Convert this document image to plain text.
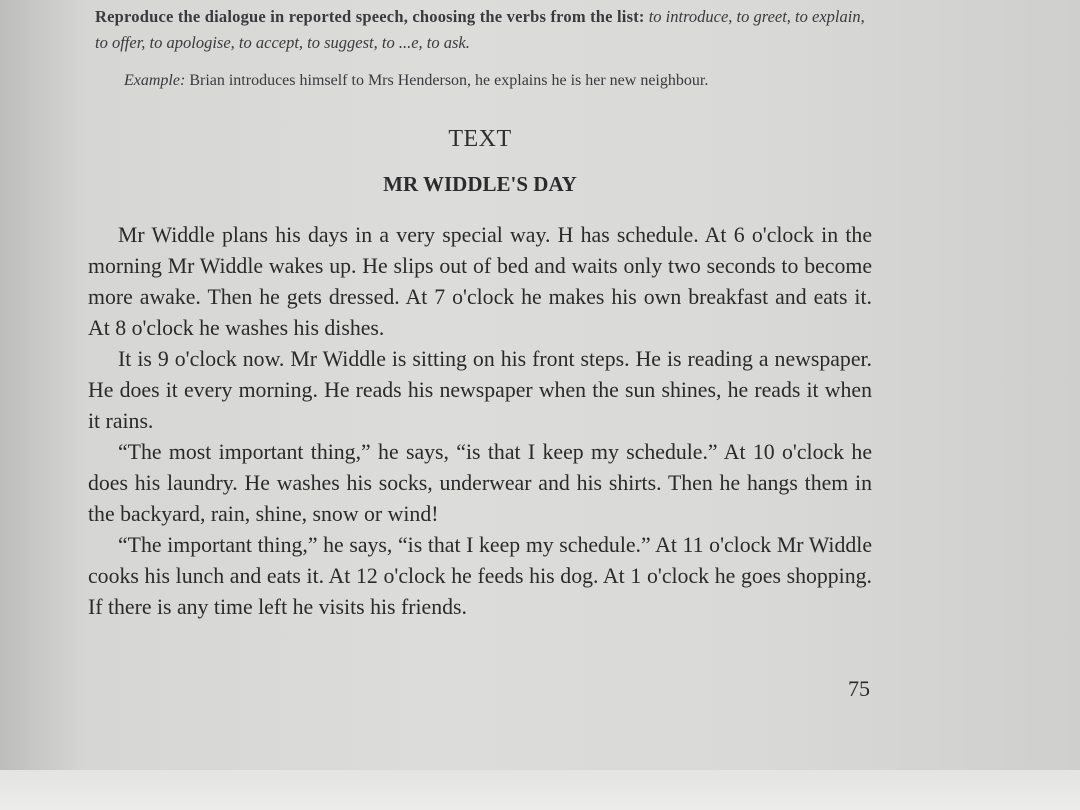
Reproduce the dialogue in reported speech, choosing the verbs from the list: to introduce, to greet, to explain, to offer, to apologise, to accept, to suggest, to ...e, to ask.
Example: Brian introduces himself to Mrs Henderson, he explains he is her new neighbour.
TEXT
MR WIDDLE'S DAY

Mr Widdle plans his days in a very special way. H has schedule. At 6 o'clock in the morning Mr Widdle wakes up. He slips out of bed and waits only two seconds to become more awake. Then he gets dressed. At 7 o'clock he makes his own breakfast and eats it. At 8 o'clock he washes his dishes.

It is 9 o'clock now. Mr Widdle is sitting on his front steps. He is reading a newspaper. He does it every morning. He reads his newspaper when the sun shines, he reads it when it rains.

“The most important thing,” he says, “is that I keep my schedule.” At 10 o'clock he does his laundry. He washes his socks, underwear and his shirts. Then he hangs them in the backyard, rain, shine, snow or wind!

“The important thing,” he says, “is that I keep my schedule.” At 11 o'clock Mr Widdle cooks his lunch and eats it. At 12 o'clock he feeds his dog. At 1 o'clock he goes shopping. If there is any time left he visits his friends.

75
